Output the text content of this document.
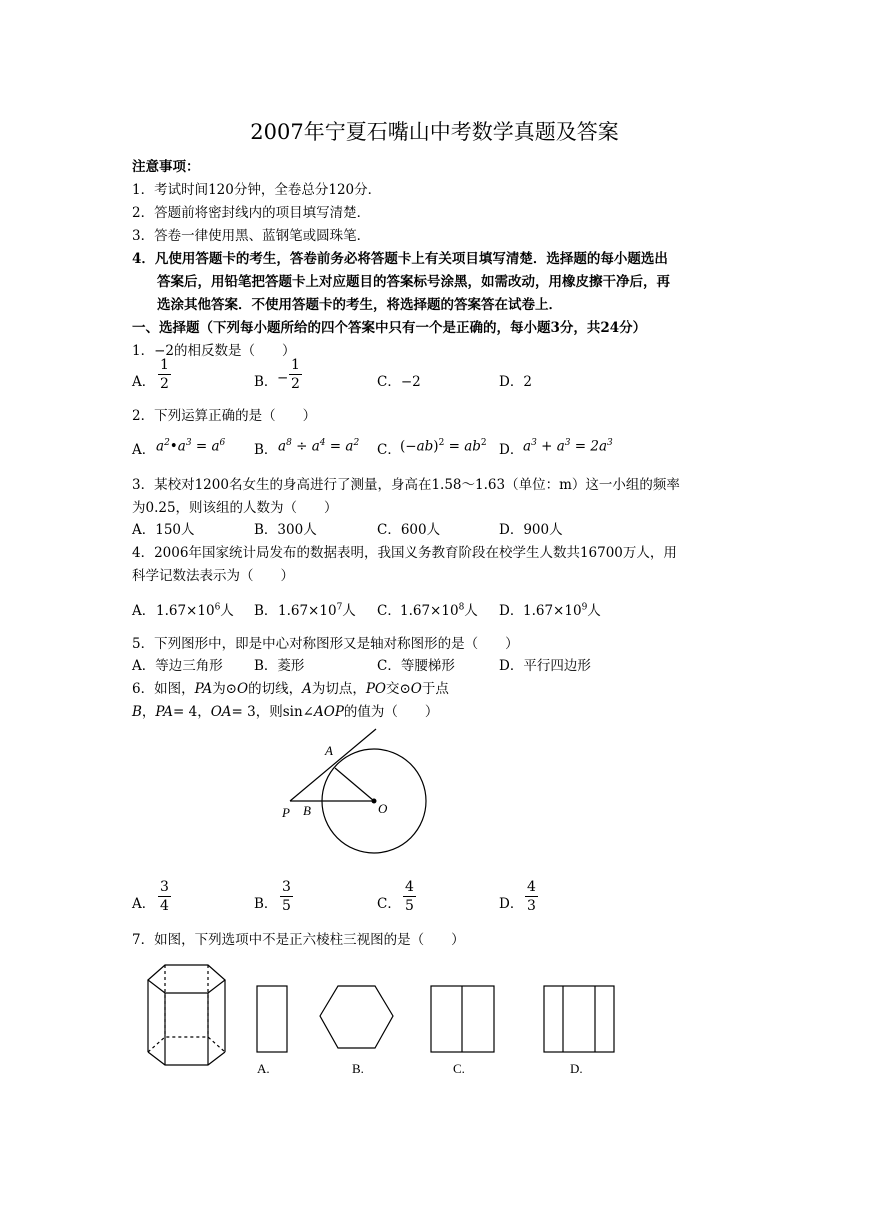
2007年宁夏石嘴山中考数学真题及答案
注意事项：
1．考试时间120分钟，全卷总分120分．
2．答题前将密封线内的项目填写清楚．
3．答卷一律使用黑、蓝钢笔或圆珠笔．
4．凡使用答题卡的考生，答卷前务必将答题卡上有关项目填写清楚．选择题的每小题选出
答案后，用铅笔把答题卡上对应题目的答案标号涂黑，如需改动，用橡皮擦干净后，再
选涂其他答案．不使用答题卡的考生，将选择题的答案答在试卷上．
一、选择题（下列每小题所给的四个答案中只有一个是正确的，每小题3分，共24分）
1．−2的相反数是（　　）
A． $\frac{1}{2}$	B． − $\frac{1}{2}$	C．−2	D．2
2．下列运算正确的是（　　）
A． $a^2•a^3 = a^6$ B． $a^8 \div a^4 = a^2$ C． $(-ab)^2 = ab^2$ D． $a^3 + a^3 = 2a^3$
3．某校对1200名女生的身高进行了测量，身高在1.58～1.63（单位：m）这一小组的频率
为0.25，则该组的人数为（　　）
A．150人	B．300人	C．600人	D．900人
4．2006年国家统计局发布的数据表明，我国义务教育阶段在校学生人数共16700万人，用
科学记数法表示为（　　）
A． $1.67\times 10^6$人 B． $1.67\times 10^7$人 C． $1.67\times 10^8$人 D． $1.67\times 10^9$人
5．下列图形中，即是中心对称图形又是轴对称图形的是（　　）
A．等边三角形 B．菱形	C．等腰梯形	D．平行四边形
6．如图，PA为⊙O的切线，A为切点，PO交⊙O于点
B，PA= 4，OA= 3，则sin∠AOP的值为（　　）
A
P B	O
A． $\frac{3}{4}$	B． $\frac{3}{5}$	C． $\frac{4}{5}$	D． $\frac{4}{3}$
7．如图，下列选项中不是正六棱柱三视图的是（　　）
A.	B.	C.	D.
